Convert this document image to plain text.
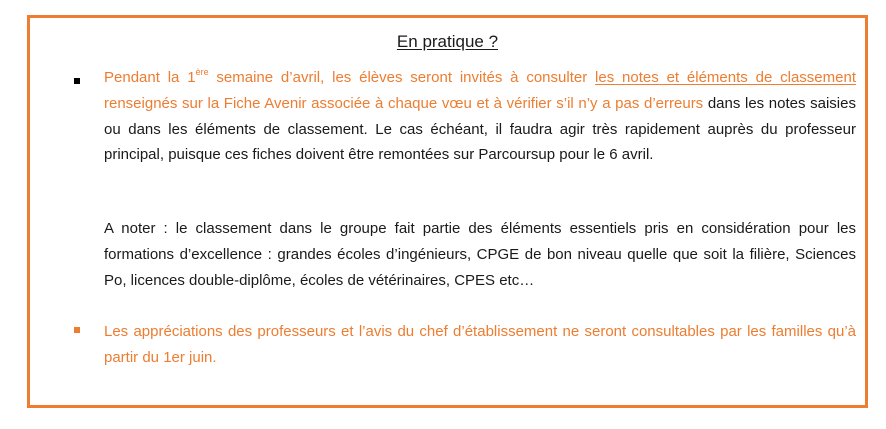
En pratique ?
Pendant la 1ère semaine d’avril, les élèves seront invités à consulter les notes et éléments de classement renseignés sur la Fiche Avenir associée à chaque vœu et à vérifier s’il n’y a pas d’erreurs dans les notes saisies ou dans les éléments de classement. Le cas échéant, il faudra agir très rapidement auprès du professeur principal, puisque ces fiches doivent être remontées sur Parcoursup pour le 6 avril.
A noter : le classement dans le groupe fait partie des éléments essentiels pris en considération pour les formations d’excellence : grandes écoles d’ingénieurs, CPGE de bon niveau quelle que soit la filière, Sciences Po, licences double-diplôme, écoles de vétérinaires, CPES etc…
Les appréciations des professeurs et l’avis du chef d’établissement ne seront consultables par les familles qu’à partir du 1er juin.
